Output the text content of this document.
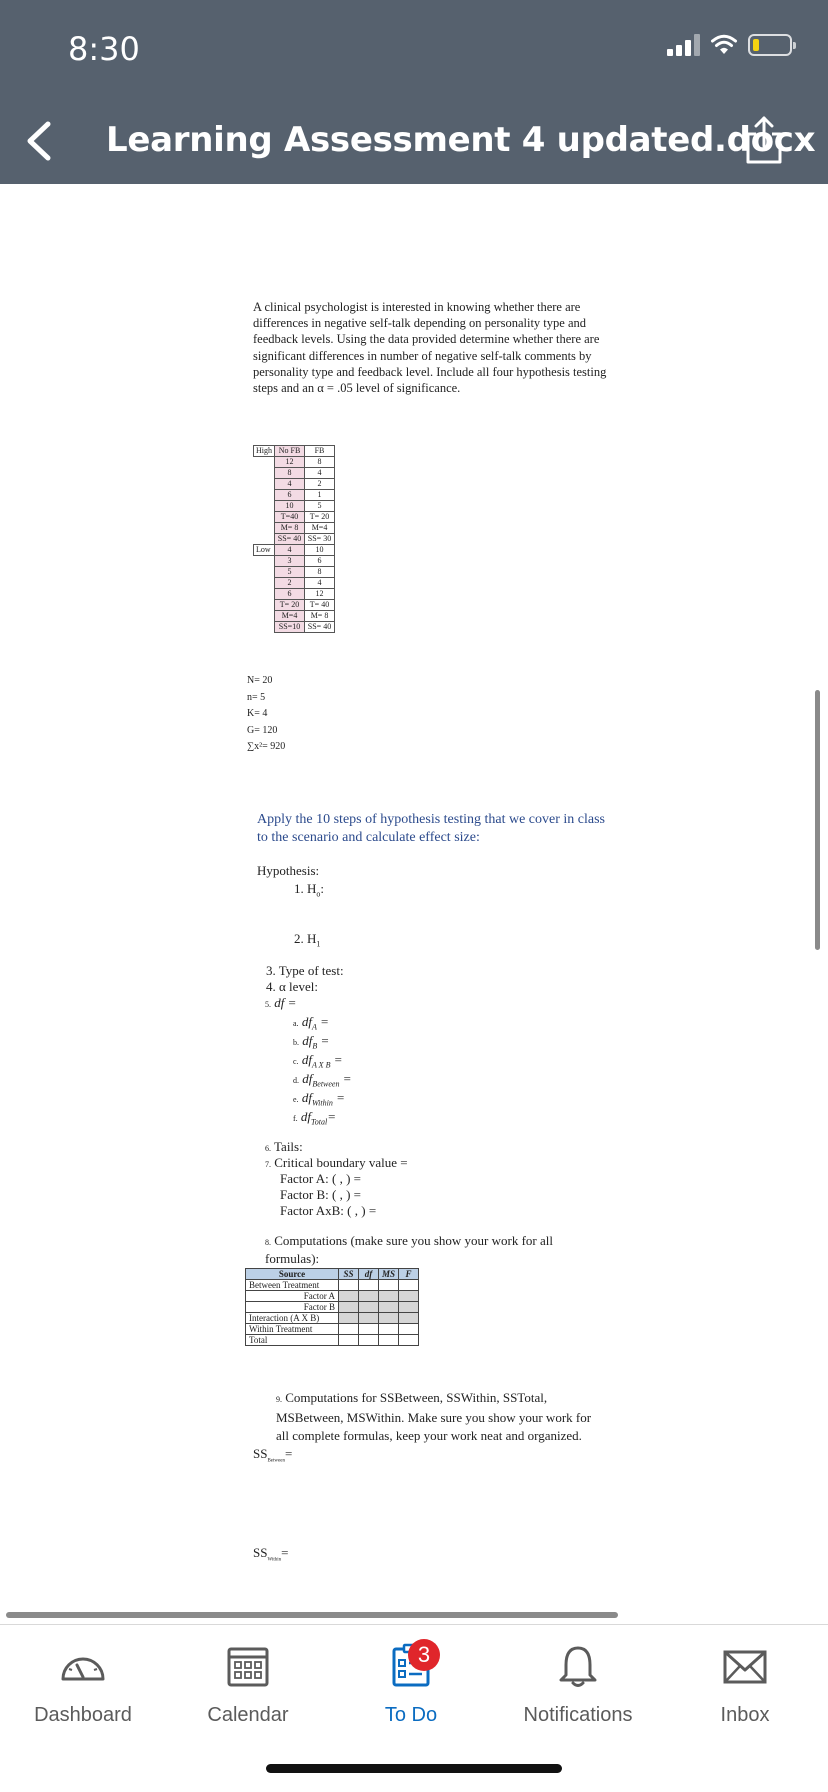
8:30
Learning Assessment 4 updated.docx

A clinical psychologist is interested in knowing whether there are differences in negative self-talk depending on personality type and feedback levels. Using the data provided determine whether there are significant differences in number of negative self-talk comments by personality type and feedback level. Include all four hypothesis testing steps and an α = .05 level of significance.

High	No FB	FB
	12	8
	8	4
	4	2
	6	1
	10	5
	T=40	T= 20
	M= 8	M=4
	SS= 40	SS= 30
Low	4	10
	3	6
	5	8
	2	4
	6	12
	T= 20	T= 40
	M=4	M= 8
	SS=10	SS= 40
N= 20
n= 5
K= 4
G= 120
∑x²= 920

Apply the 10 steps of hypothesis testing that we cover in class to the scenario and calculate effect size:

Hypothesis:
1. $H_o$:
2. $H_1$
3. Type of test:
4. α level:
5. df =
a. $df_A$ =
b. $df_B$ =
c. $df_{A X B}$ =
d. $df_{Between}$ =
e. $df_{Within}$ =
f. $df_{Total}=$
6. Tails:
7. Critical boundary value =
Factor A: ( , ) =
Factor B: ( , ) =
Factor AxB: ( , ) =
8. Computations (make sure you show your work for all formulas):
Source	SS	df	MS	F
Between Treatment				
Factor A				
Factor B				
Interaction (A X B)				
Within Treatment				
Total				
9. Computations for SSBetween, SSWithin, SSTotal, MSBetween, MSWithin. Make sure you show your work for all complete formulas, keep your work neat and organized.
$SS_{Between}=$
$SS_{Within}=$
Dashboard	Calendar
3
To Do	Notifications	Inbox
